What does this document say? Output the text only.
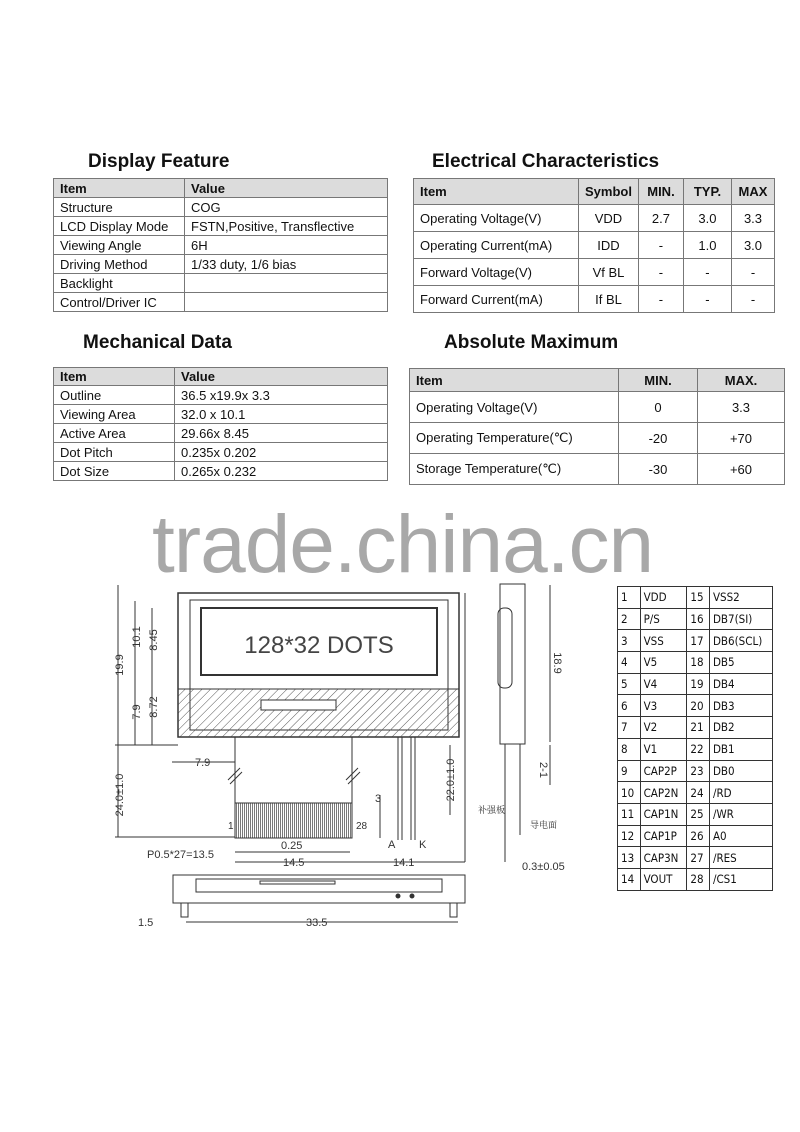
Display Feature
Item	Value
Structure	COG
LCD Display Mode	FSTN,Positive, Transflective
Viewing Angle	6H
Driving Method	1/33 duty, 1/6 bias
Backlight	
Control/Driver IC	
Electrical Characteristics
Item	Symbol	MIN.	TYP.	MAX
Operating Voltage(V)	VDD	2.7	3.0	3.3
Operating Current(mA)	IDD	-	1.0	3.0
Forward Voltage(V)	Vf BL	-	-	-
Forward Current(mA)	If BL	-	-	-
Mechanical Data
Item	Value
Outline	36.5 x19.9x 3.3
Viewing Area	32.0 x 10.1
Active Area	29.66x 8.45
Dot Pitch	0.235x 0.202
Dot Size	0.265x 0.232
Absolute Maximum
Item	MIN.	MAX.
Operating Voltage(V)	0	3.3
Operating Temperature(℃)	-20	+70
Storage Temperature(℃)	-30	+60
128*32 DOTS
19.9
10.1 8.45
7.9 8.72
7.9
24.0±1.0	22.0±1.0
3
1	28
A K
0.25
P0.5*27=13.5
14.5	14.1
1.5	33.5
18.9
2-1
0.3±0.05
补强板
导电面
trade.china.cn
1	VDD	15	VSS2
2	P/S	16	DB7(SI)
3	VSS	17	DB6(SCL)
4	V5	18	DB5
5	V4	19	DB4
6	V3	20	DB3
7	V2	21	DB2
8	V1	22	DB1
9	CAP2P	23	DB0
10	CAP2N	24	/RD
11	CAP1N	25	/WR
12	CAP1P	26	A0
13	CAP3N	27	/RES
14	VOUT	28	/CS1
